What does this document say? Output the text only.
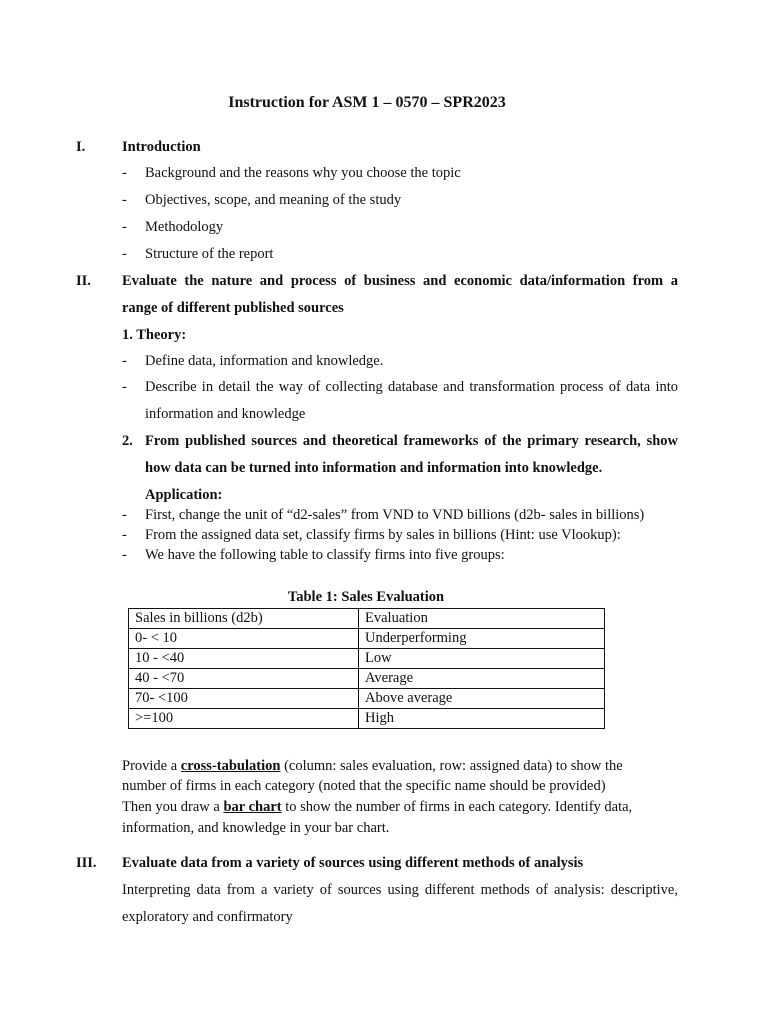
Instruction for ASM 1 – 0570 – SPR2023
I.	Introduction
- Background and the reasons why you choose the topic
- Objectives, scope, and meaning of the study
- Methodology
- Structure of the report
II. Evaluate the nature and process of business and economic data/information from a
range of different published sources
1. Theory:
- Define data, information and knowledge.
- Describe in detail the way of collecting database and transformation process of data into
information and knowledge
2. From published sources and theoretical frameworks of the primary research, show
how data can be turned into information and information into knowledge.
Application:
- First, change the unit of “d2-sales” from VND to VND billions (d2b- sales in billions)
- From the assigned data set, classify firms by sales in billions (Hint: use Vlookup):
- We have the following table to classify firms into five groups:
Table 1: Sales Evaluation
Sales in billions (d2b)	Evaluation
0- < 10	Underperforming
10 - <40	Low
40 - <70	Average
70- <100	Above average
>=100	High
Provide a cross-tabulation (column: sales evaluation, row: assigned data) to show the
number of firms in each category (noted that the specific name should be provided)
Then you draw a bar chart to show the number of firms in each category. Identify data,
information, and knowledge in your bar chart.
III. Evaluate data from a variety of sources using different methods of analysis
Interpreting data from a variety of sources using different methods of analysis: descriptive,
exploratory and confirmatory
